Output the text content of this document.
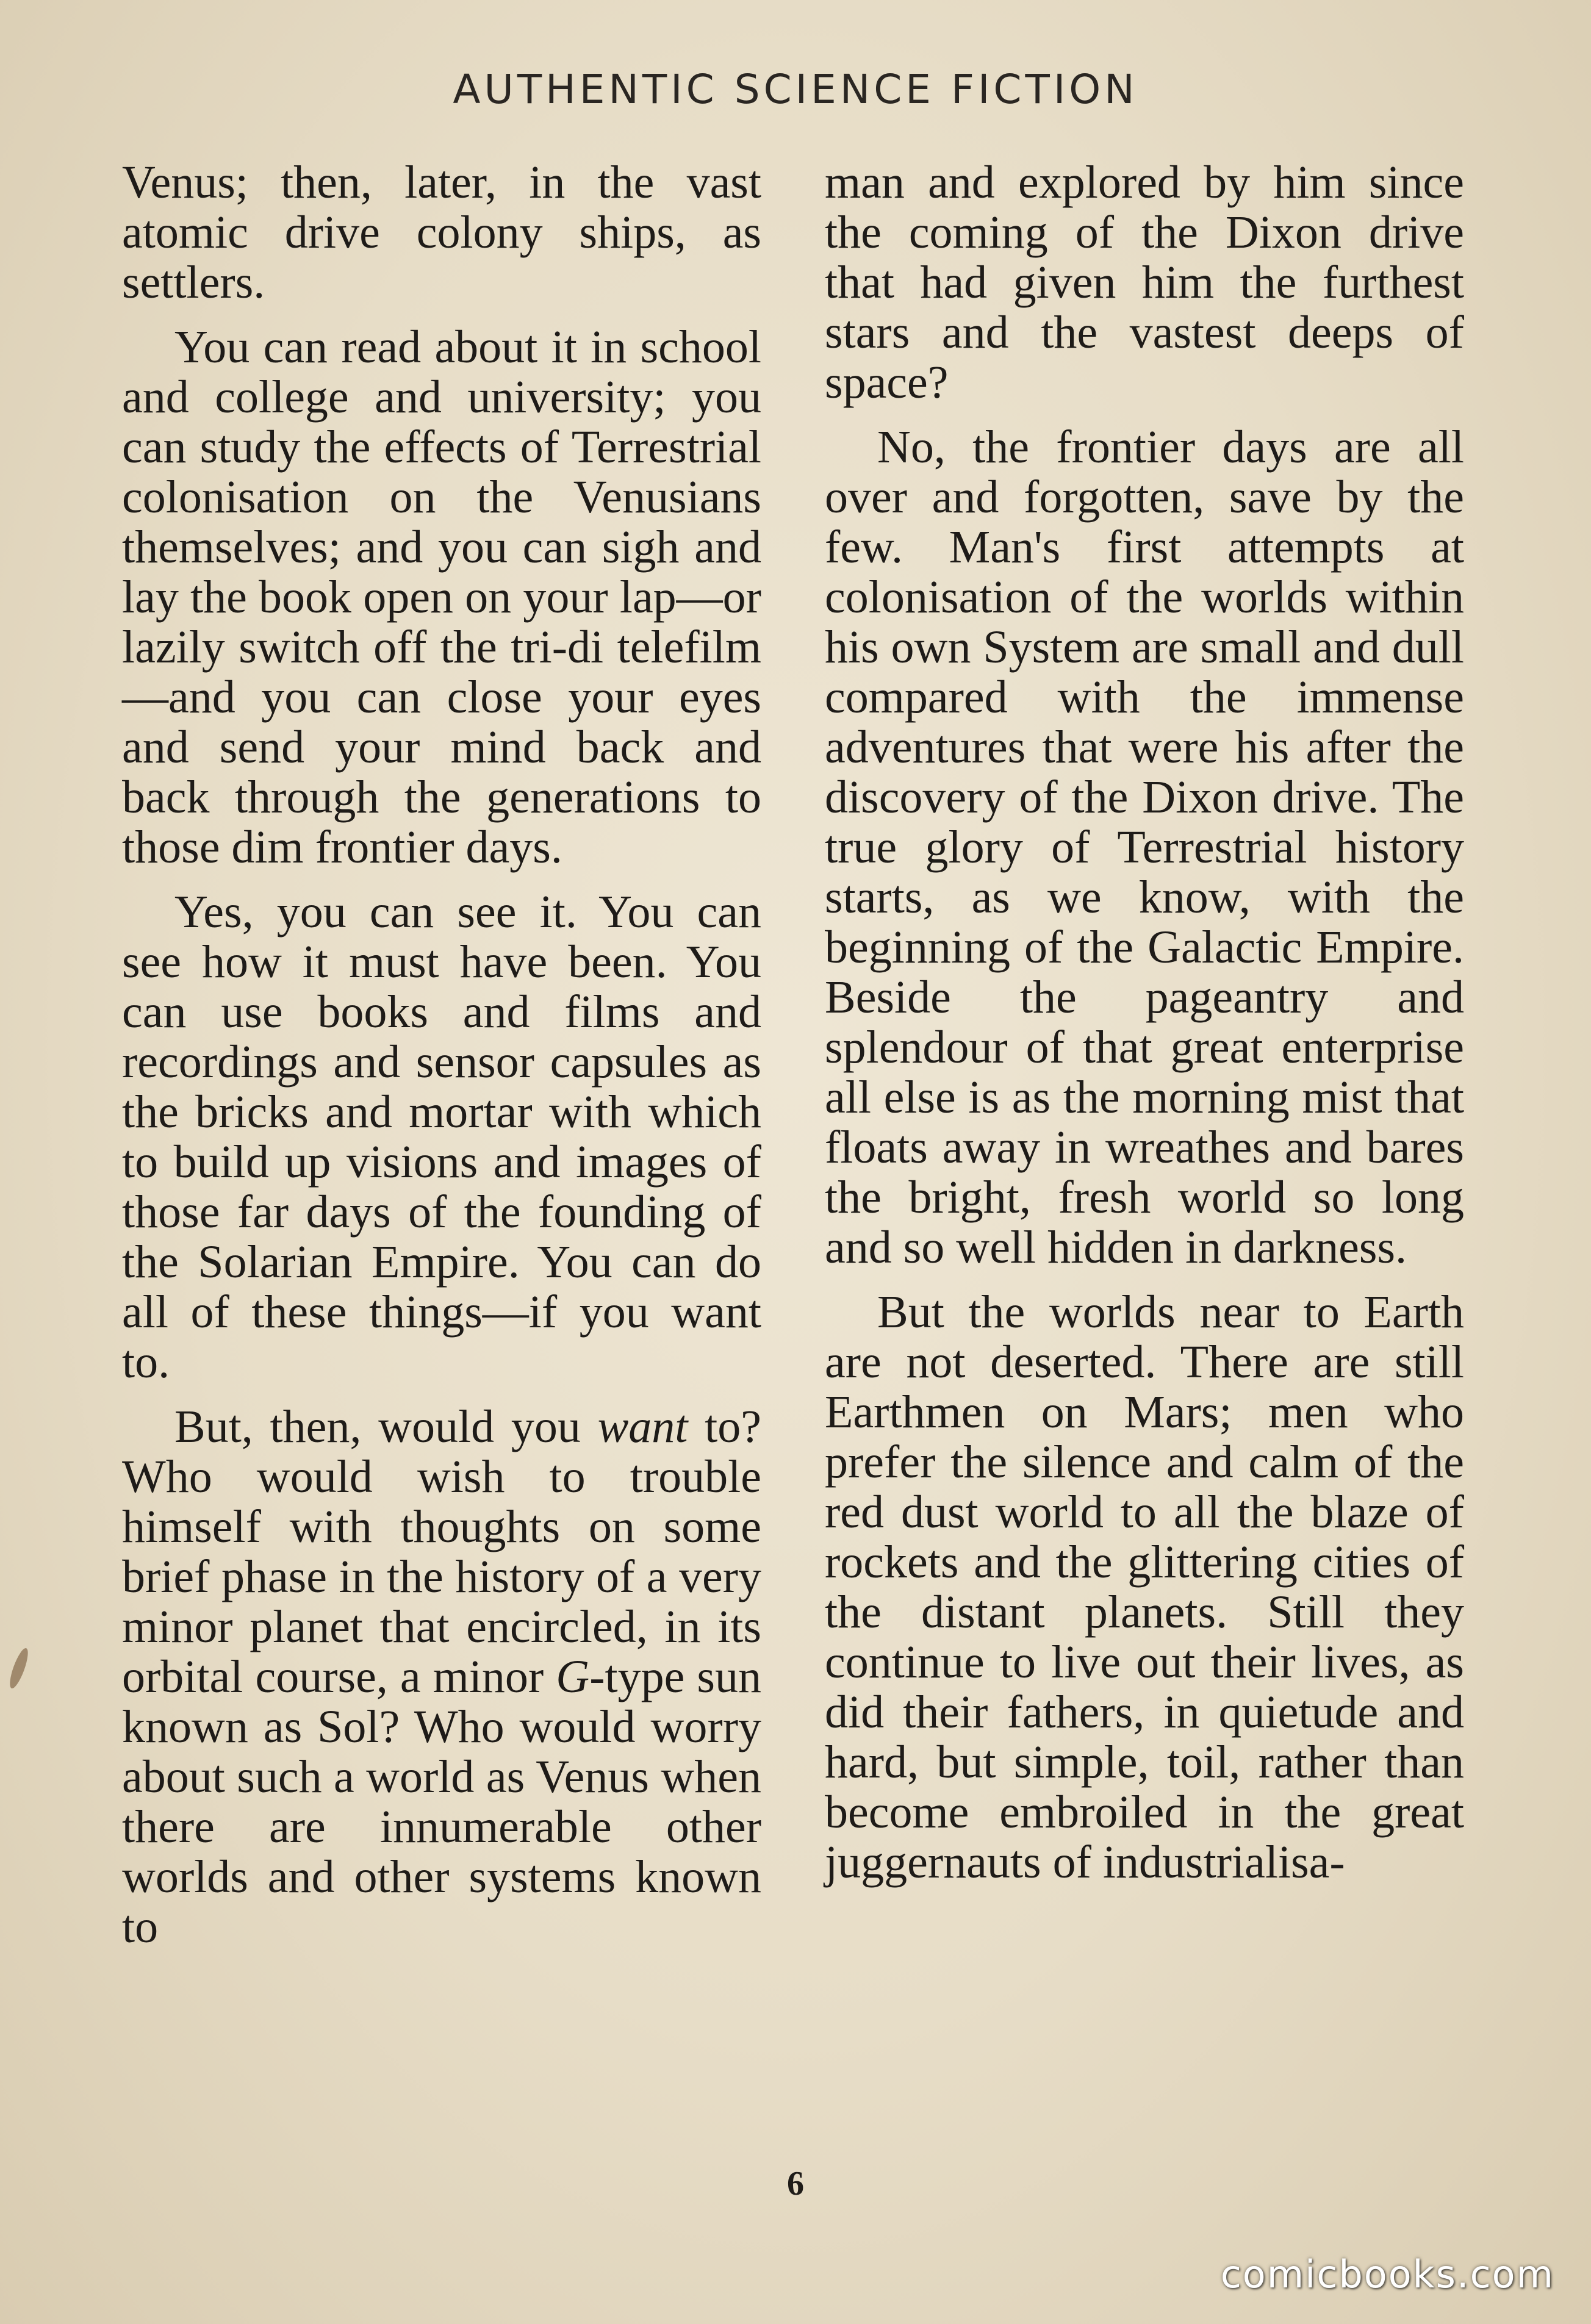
AUTHENTIC SCIENCE FICTION

Venus; then, later, in the vast atomic drive colony ships, as settlers.

You can read about it in school and college and university; you can study the effects of Terrestrial colonisation on the Venusians themselves; and you can sigh and lay the book open on your lap—or lazily switch off the tri-di telefilm—and you can close your eyes and send your mind back and back through the generations to those dim frontier days.

Yes, you can see it. You can see how it must have been. You can use books and films and recordings and sensor capsules as the bricks and mortar with which to build up visions and images of those far days of the founding of the Solarian Empire. You can do all of these things—if you want to.

But, then, would you want to? Who would wish to trouble himself with thoughts on some brief phase in the history of a very minor planet that encircled, in its orbital course, a minor G-type sun known as Sol? Who would worry about such a world as Venus when there are innumerable other worlds and other systems known to

man and explored by him since the coming of the Dixon drive that had given him the furthest stars and the vastest deeps of space?

No, the frontier days are all over and forgotten, save by the few. Man's first attempts at colonisation of the worlds within his own System are small and dull compared with the immense adventures that were his after the discovery of the Dixon drive. The true glory of Terrestrial history starts, as we know, with the beginning of the Galactic Empire. Beside the pageantry and splendour of that great enterprise all else is as the morning mist that floats away in wreathes and bares the bright, fresh world so long and so well hidden in darkness.

But the worlds near to Earth are not deserted. There are still Earthmen on Mars; men who prefer the silence and calm of the red dust world to all the blaze of rockets and the glittering cities of the distant planets. Still they continue to live out their lives, as did their fathers, in quietude and hard, but simple, toil, rather than become embroiled in the great juggernauts of industrialisa-

6
comicbooks.com
